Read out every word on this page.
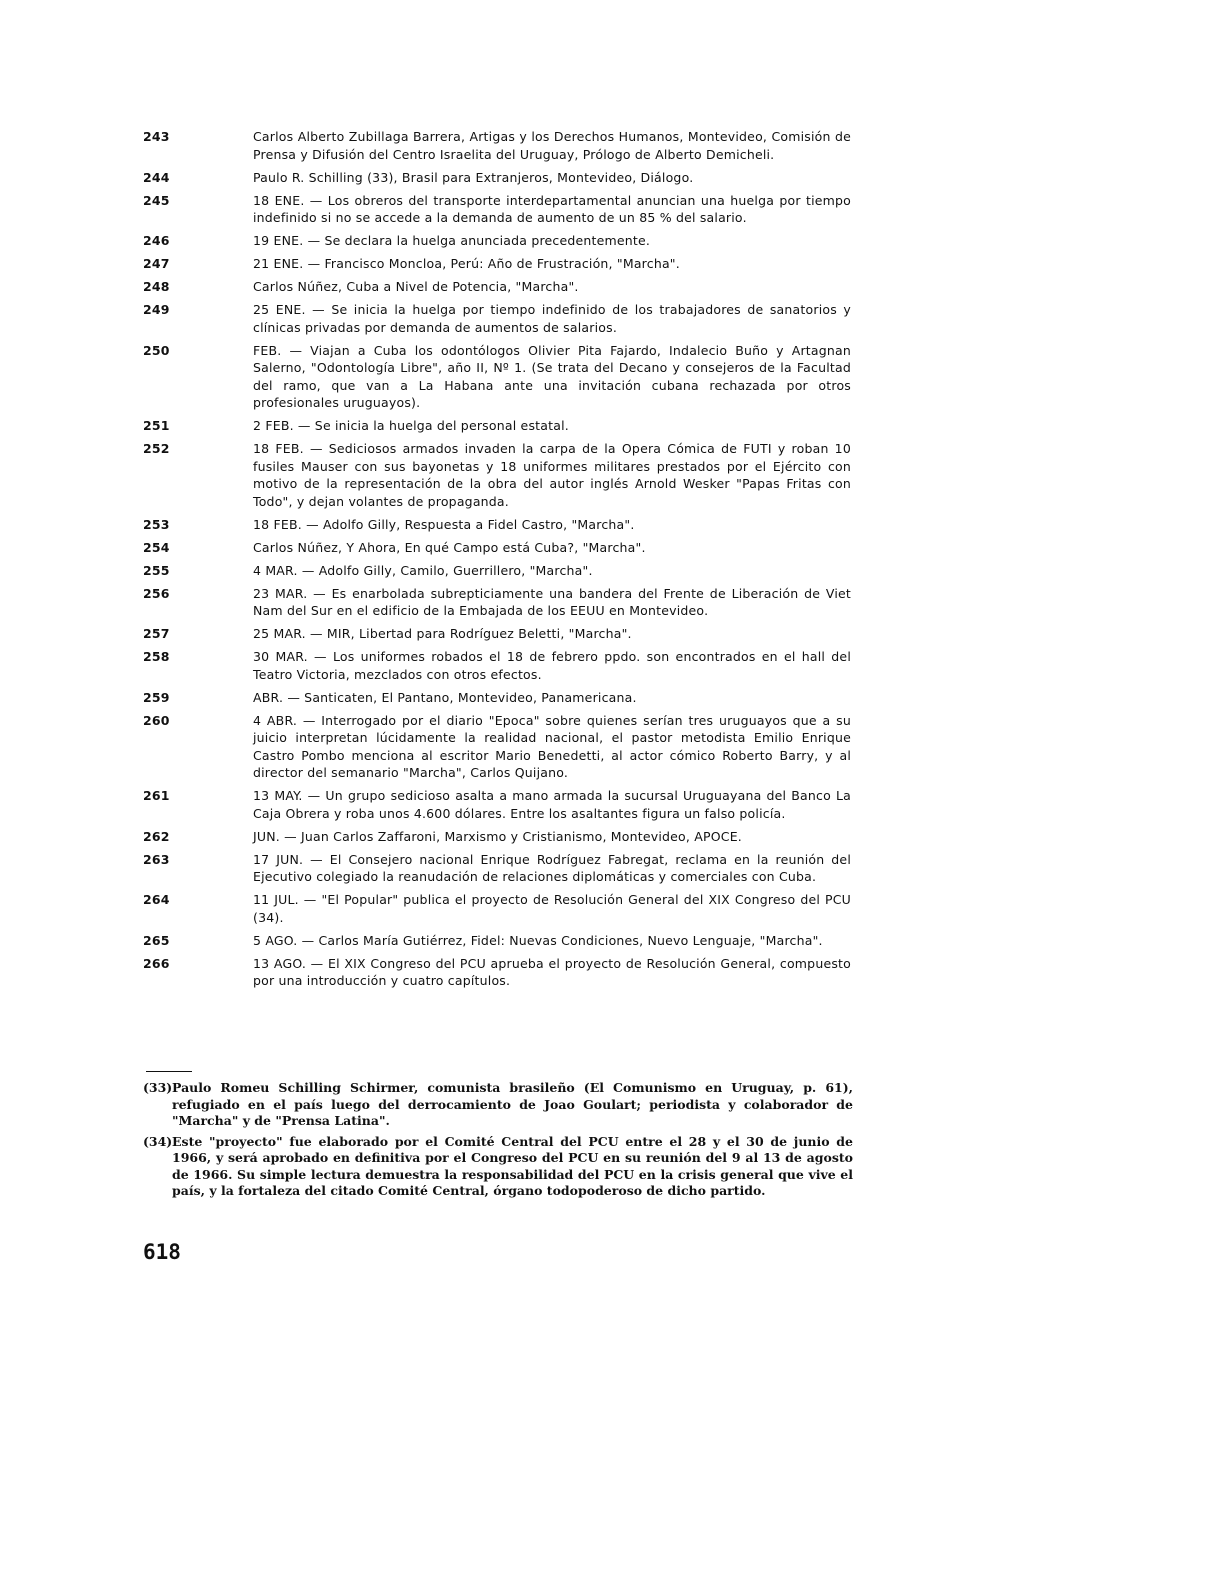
243	Carlos Alberto Zubillaga Barrera, Artigas y los Derechos Humanos, Montevideo, Comisión de Prensa y Difusión del Centro Israelita del Uruguay, Prólogo de Alberto Demicheli.
244	Paulo R. Schilling (33), Brasil para Extranjeros, Montevideo, Diálogo.
245	18 ENE. — Los obreros del transporte interdepartamental anuncian una huelga por tiempo indefinido si no se accede a la demanda de aumento de un 85 % del salario.
246	19 ENE. — Se declara la huelga anunciada precedentemente.
247	21 ENE. — Francisco Moncloa, Perú: Año de Frustración, "Marcha".
248	Carlos Núñez, Cuba a Nivel de Potencia, "Marcha".
249	25 ENE. — Se inicia la huelga por tiempo indefinido de los trabajadores de sanatorios y clínicas privadas por demanda de aumentos de salarios.
250	FEB. — Viajan a Cuba los odontólogos Olivier Pita Fajardo, Indalecio Buño y Artagnan Salerno, "Odontología Libre", año II, Nº 1. (Se trata del Decano y consejeros de la Facultad del ramo, que van a La Habana ante una invitación cubana rechazada por otros profesionales uruguayos).
251	2 FEB. — Se inicia la huelga del personal estatal.
252	18 FEB. — Sediciosos armados invaden la carpa de la Opera Cómica de FUTI y roban 10 fusiles Mauser con sus bayonetas y 18 uniformes militares prestados por el Ejército con motivo de la representación de la obra del autor inglés Arnold Wesker "Papas Fritas con Todo", y dejan volantes de propaganda.
253	18 FEB. — Adolfo Gilly, Respuesta a Fidel Castro, "Marcha".
254	Carlos Núñez, Y Ahora, En qué Campo está Cuba?, "Marcha".
255	4 MAR. — Adolfo Gilly, Camilo, Guerrillero, "Marcha".
256	23 MAR. — Es enarbolada subrepticiamente una bandera del Frente de Liberación de Viet Nam del Sur en el edificio de la Embajada de los EEUU en Montevideo.
257	25 MAR. — MIR, Libertad para Rodríguez Beletti, "Marcha".
258	30 MAR. — Los uniformes robados el 18 de febrero ppdo. son encontrados en el hall del Teatro Victoria, mezclados con otros efectos.
259	ABR. — Santicaten, El Pantano, Montevideo, Panamericana.
260	4 ABR. — Interrogado por el diario "Epoca" sobre quienes serían tres uruguayos que a su juicio interpretan lúcidamente la realidad nacional, el pastor metodista Emilio Enrique Castro Pombo menciona al escritor Mario Benedetti, al actor cómico Roberto Barry, y al director del semanario "Marcha", Carlos Quijano.
261	13 MAY. — Un grupo sedicioso asalta a mano armada la sucursal Uruguayana del Banco La Caja Obrera y roba unos 4.600 dólares. Entre los asaltantes figura un falso policía.
262	JUN. — Juan Carlos Zaffaroni, Marxismo y Cristianismo, Montevideo, APOCE.
263	17 JUN. — El Consejero nacional Enrique Rodríguez Fabregat, reclama en la reunión del Ejecutivo colegiado la reanudación de relaciones diplomáticas y comerciales con Cuba.
264	11 JUL. — "El Popular" publica el proyecto de Resolución General del XIX Congreso del PCU (34).
265	5 AGO. — Carlos María Gutiérrez, Fidel: Nuevas Condiciones, Nuevo Lenguaje, "Marcha".
266	13 AGO. — El XIX Congreso del PCU aprueba el proyecto de Resolución General, compuesto por una introducción y cuatro capítulos.
(33) Paulo Romeu Schilling Schirmer, comunista brasileño (El Comunismo en Uruguay, p. 61), refugiado en el país luego del derrocamiento de Joao Goulart; periodista y colaborador de "Marcha" y de "Prensa Latina".
(34) Este "proyecto" fue elaborado por el Comité Central del PCU entre el 28 y el 30 de junio de 1966, y será aprobado en definitiva por el Congreso del PCU en su reunión del 9 al 13 de agosto de 1966. Su simple lectura demuestra la responsabilidad del PCU en la crisis general que vive el país, y la fortaleza del citado Comité Central, órgano todopoderoso de dicho partido.
618
